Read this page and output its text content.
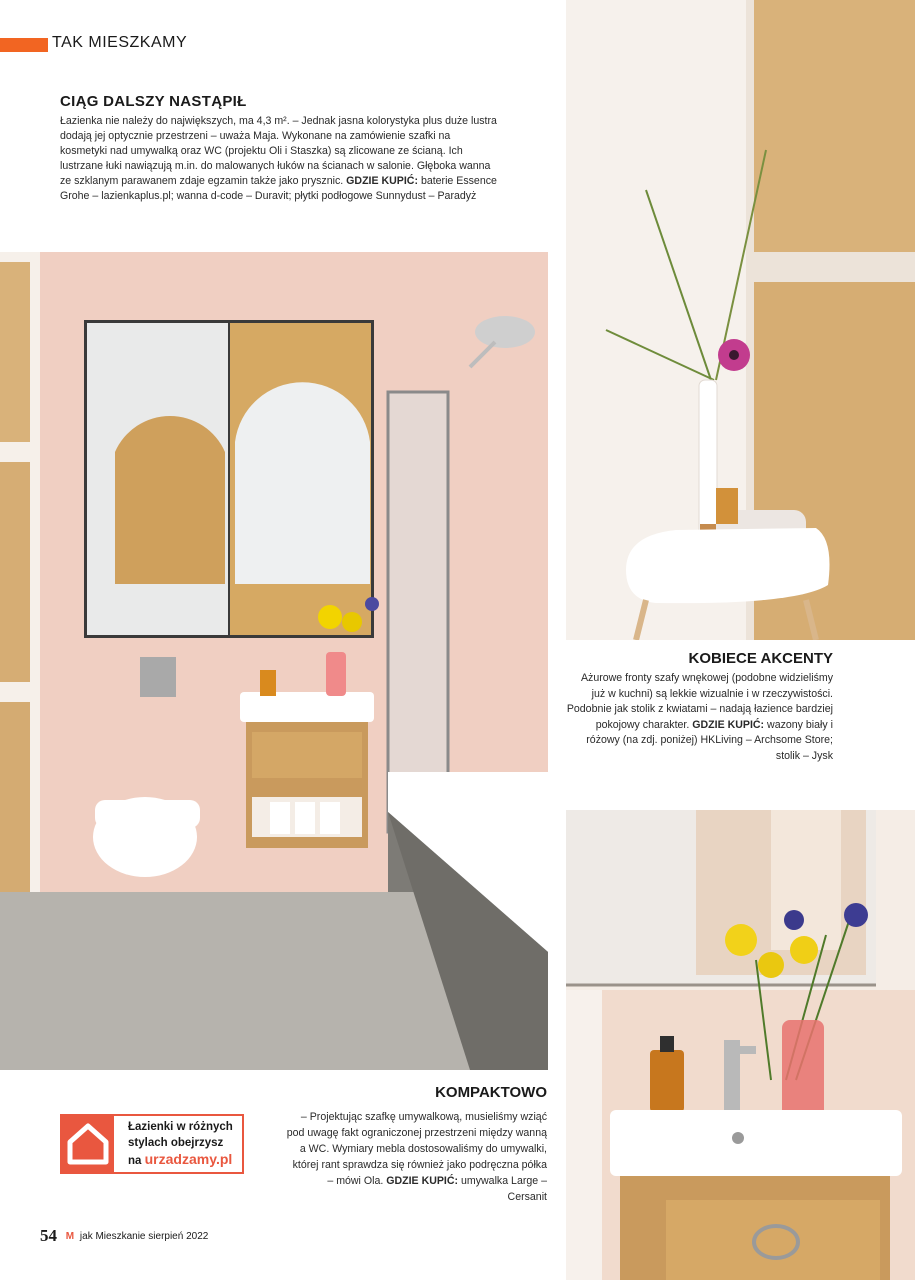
TAK MIESZKAMY
CIĄG DALSZY NASTĄPIŁ
Łazienka nie należy do największych, ma 4,3 m². – Jednak jasna kolorystyka plus duże lustra dodają jej optycznie przestrzeni – uważa Maja. Wykonane na zamówienie szafki na kosmetyki nad umywalką oraz WC (projektu Oli i Staszka) są zlicowane ze ścianą. Ich lustrzane łuki nawiązują m.in. do malowanych łuków na ścianach w salonie. Głęboka wanna ze szklanym parawanem zdaje egzamin także jako prysznic. GDZIE KUPIĆ: baterie Essence Grohe – lazienkaplus.pl; wanna d-code – Duravit; płytki podłogowe Sunnydust – Paradyż
KOBIECE AKCENTY
Ażurowe fronty szafy wnękowej (podobne widzieliśmy już w kuchni) są lekkie wizualnie i w rzeczywistości. Podobnie jak stolik z kwiatami – nadają łazience bardziej pokojowy charakter. GDZIE KUPIĆ: wazony biały i różowy (na zdj. poniżej) HKLiving – Archsome Store; stolik – Jysk
Łazienki w różnych
stylach obejrzysz
na urzadzamy.pl
KOMPAKTOWO
– Projektując szafkę umywalkową, musieliśmy wziąć pod uwagę fakt ograniczonej przestrzeni między wanną a WC. Wymiary mebla dostosowaliśmy do umywalki, której rant sprawdza się również jako podręczna półka – mówi Ola. GDZIE KUPIĆ: umywalka Large – Cersanit
54 M jak Mieszkanie sierpień 2022
